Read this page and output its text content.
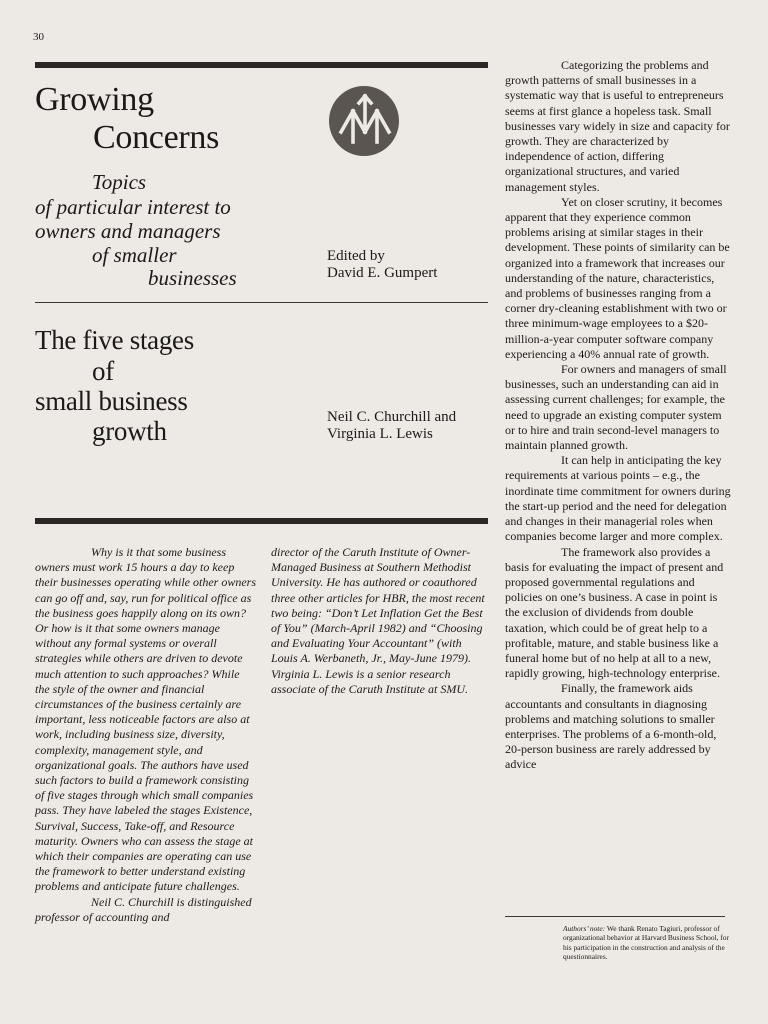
30
Growing
Concerns
Topics
of particular interest to
owners and managers
of smaller
businesses
Edited by
David E. Gumpert
The five stages
of
small business
growth	Neil C. Churchill and
Virginia L. Lewis

Why is it that some business owners must work 15 hours a day to keep their businesses operating while other owners can go off and, say, run for political office as the business goes happily along on its own? Or how is it that some owners manage without any formal systems or overall strategies while others are driven to devote much attention to such approaches? While the style of the owner and financial circumstances of the business certainly are important, less noticeable factors are also at work, including business size, diversity, complexity, management style, and organizational goals. The authors have used such factors to build a framework consisting of five stages through which small companies pass. They have labeled the stages Existence, Survival, Success, Take-off, and Resource maturity. Owners who can assess the stage at which their companies are operating can use the framework to better understand existing problems and anticipate future challenges.

Neil C. Churchill is distinguished professor of accounting and

director of the Caruth Institute of Owner-Managed Business at Southern Methodist University. He has authored or coauthored three other articles for HBR, the most recent two being: “Don’t Let Inflation Get the Best of You” (March-April 1982) and “Choosing and Evaluating Your Accountant” (with Louis A. Werbaneth, Jr., May-June 1979). Virginia L. Lewis is a senior research associate of the Caruth Institute at SMU.

Categorizing the problems and growth patterns of small businesses in a systematic way that is useful to entrepreneurs seems at first glance a hopeless task. Small businesses vary widely in size and capacity for growth. They are characterized by independence of action, differing organizational structures, and varied management styles.

Yet on closer scrutiny, it becomes apparent that they experience common problems arising at similar stages in their development. These points of similarity can be organized into a framework that increases our understanding of the nature, characteristics, and problems of businesses ranging from a corner dry-cleaning establishment with two or three minimum-wage employees to a $20-million-a-year computer software company experiencing a 40% annual rate of growth.

For owners and managers of small businesses, such an understanding can aid in assessing current challenges; for example, the need to upgrade an existing computer system or to hire and train second-level managers to maintain planned growth.

It can help in anticipating the key requirements at various points – e.g., the inordinate time commitment for owners during the start-up period and the need for delegation and changes in their managerial roles when companies become larger and more complex.

The framework also provides a basis for evaluating the impact of present and proposed governmental regulations and policies on one’s business. A case in point is the exclusion of dividends from double taxation, which could be of great help to a profitable, mature, and stable business like a funeral home but of no help at all to a new, rapidly growing, high-technology enterprise.

Finally, the framework aids accountants and consultants in diagnosing problems and matching solutions to smaller enterprises. The problems of a 6-month-old, 20-person business are rarely addressed by advice

Authors’ note: We thank Renato Tagiuri, professor of organizational behavior at Harvard Business School, for his participation in the construction and analysis of the questionnaires.
